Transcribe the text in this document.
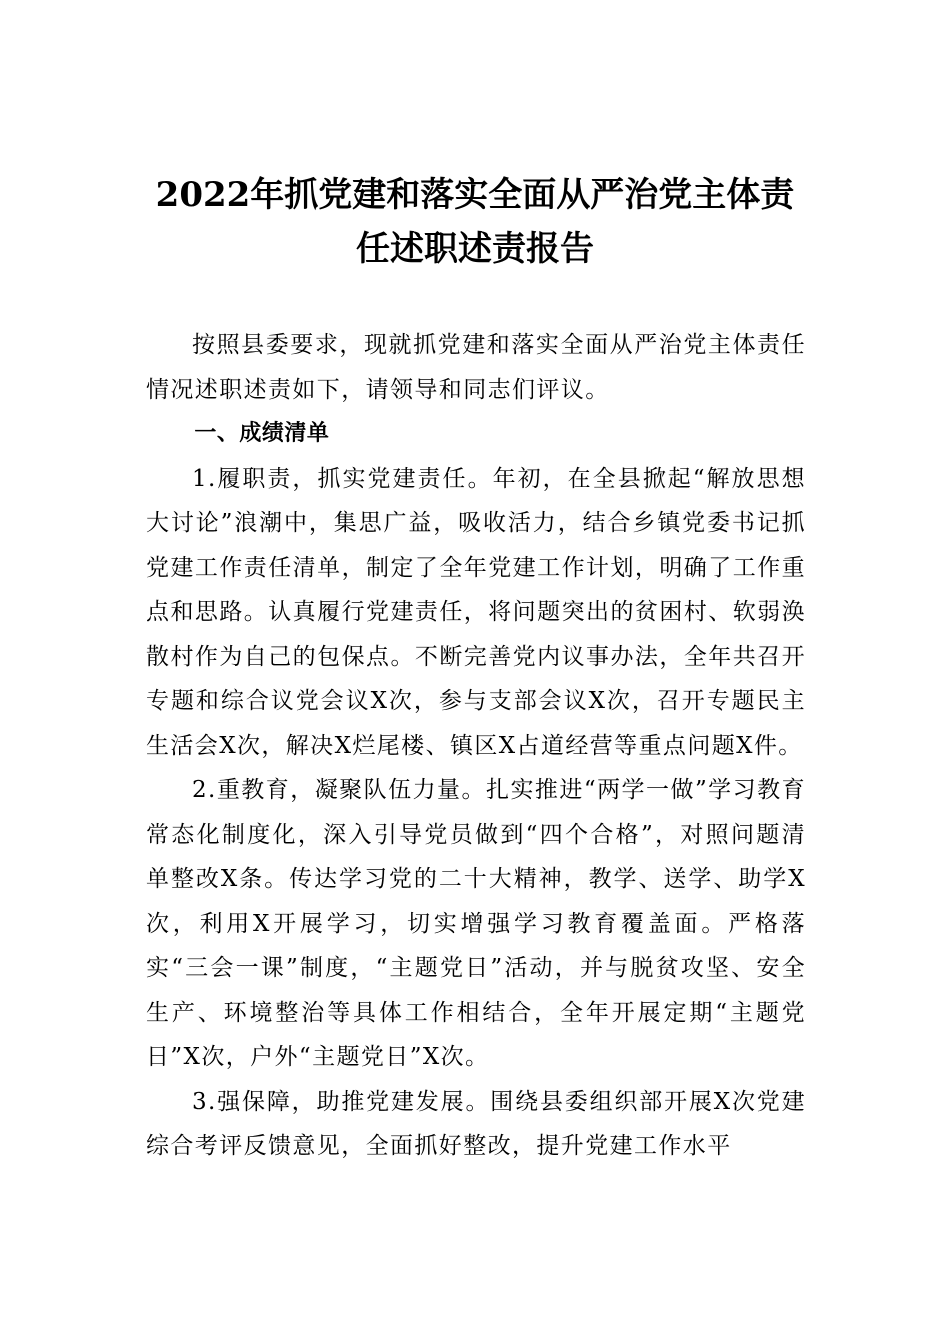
2022年抓党建和落实全面从严治党主体责任述职述责报告

按照县委要求，现就抓党建和落实全面从严治党主体责任情况述职述责如下，请领导和同志们评议。

一、成绩清单

1.履职责，抓实党建责任。年初，在全县掀起“解放思想大讨论”浪潮中，集思广益，吸收活力，结合乡镇党委书记抓党建工作责任清单，制定了全年党建工作计划，明确了工作重点和思路。认真履行党建责任，将问题突出的贫困村、软弱涣散村作为自己的包保点。不断完善党内议事办法，全年共召开专题和综合议党会议X次，参与支部会议X次，召开专题民主生活会X次，解决X烂尾楼、镇区X占道经营等重点问题X件。

2.重教育，凝聚队伍力量。扎实推进“两学一做”学习教育常态化制度化，深入引导党员做到“四个合格”，对照问题清单整改X条。传达学习党的二十大精神，教学、送学、助学X次，利用X开展学习，切实增强学习教育覆盖面。严格落实“三会一课”制度，“主题党日”活动，并与脱贫攻坚、安全生产、环境整治等具体工作相结合，全年开展定期“主题党日”X次，户外“主题党日”X次。

3.强保障，助推党建发展。围绕县委组织部开展X次党建综合考评反馈意见，全面抓好整改，提升党建工作水平
